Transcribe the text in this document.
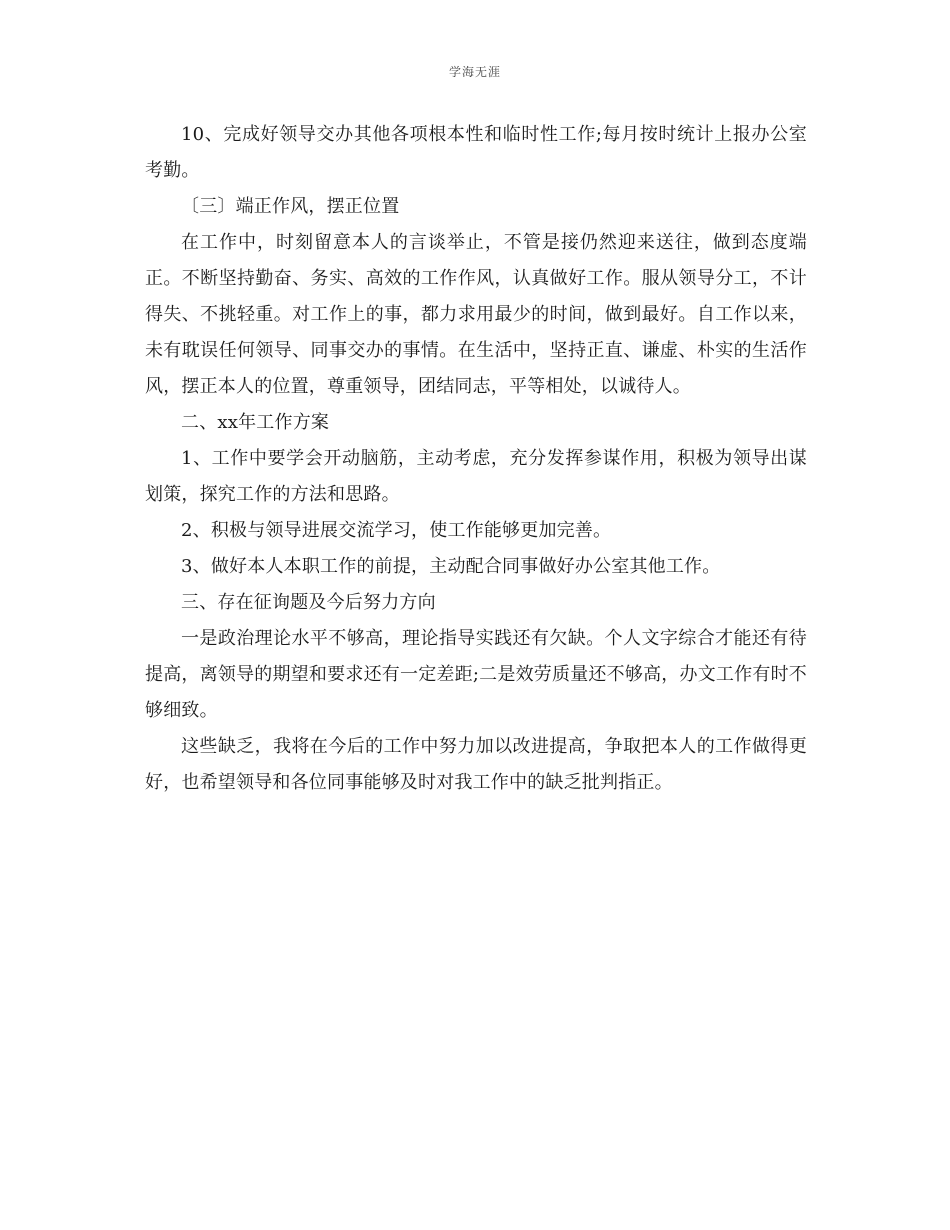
学海无涯

10、完成好领导交办其他各项根本性和临时性工作;每月按时统计上报办公室考勤。

〔三〕端正作风，摆正位置

在工作中，时刻留意本人的言谈举止，不管是接仍然迎来送往，做到态度端正。不断坚持勤奋、务实、高效的工作作风，认真做好工作。服从领导分工，不计得失、不挑轻重。对工作上的事，都力求用最少的时间，做到最好。自工作以来，未有耽误任何领导、同事交办的事情。在生活中，坚持正直、谦虚、朴实的生活作风，摆正本人的位置，尊重领导，团结同志，平等相处，以诚待人。

二、xx年工作方案

1、工作中要学会开动脑筋，主动考虑，充分发挥参谋作用，积极为领导出谋划策，探究工作的方法和思路。

2、积极与领导进展交流学习，使工作能够更加完善。

3、做好本人本职工作的前提，主动配合同事做好办公室其他工作。

三、存在征询题及今后努力方向

一是政治理论水平不够高，理论指导实践还有欠缺。个人文字综合才能还有待提高，离领导的期望和要求还有一定差距;二是效劳质量还不够高，办文工作有时不够细致。

这些缺乏，我将在今后的工作中努力加以改进提高，争取把本人的工作做得更好，也希望领导和各位同事能够及时对我工作中的缺乏批判指正。
